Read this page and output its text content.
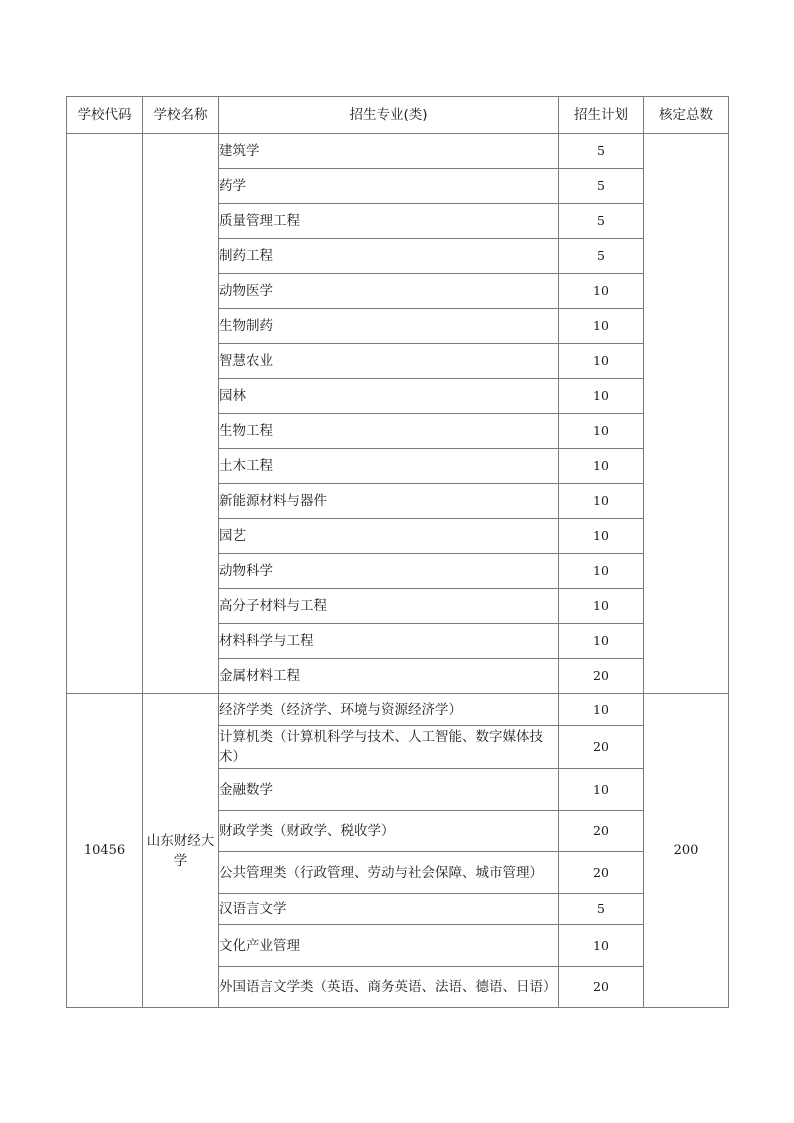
学校代码	学校名称	招生专业(类)	招生计划	核定总数
		建筑学	5	
		药学	5	
		质量管理工程	5	
		制药工程	5	
		动物医学	10	
		生物制药	10	
		智慧农业	10	
		园林	10	
		生物工程	10	
		土木工程	10	
		新能源材料与器件	10	
		园艺	10	
		动物科学	10	
		高分子材料与工程	10	
		材料科学与工程	10	
		金属材料工程	20	
10456	山东财经大学	经济学类（经济学、环境与资源经济学）	10	200
		计算机类（计算机科学与技术、人工智能、数字媒体技术）	20	
		金融数学	10	
		财政学类（财政学、税收学）	20	
		公共管理类（行政管理、劳动与社会保障、城市管理）	20	
		汉语言文学	5	
		文化产业管理	10	
		外国语言文学类（英语、商务英语、法语、德语、日语）	20	
